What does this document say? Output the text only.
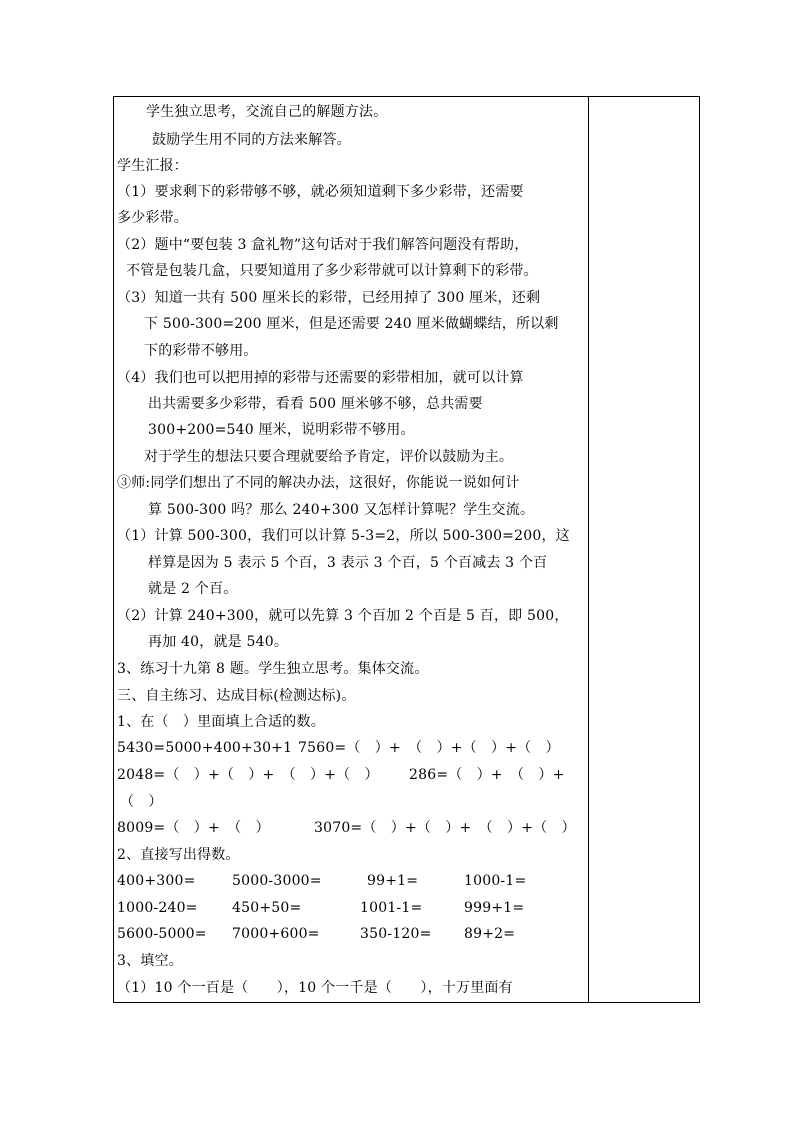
学生独立思考，交流自己的解题方法。
鼓励学生用不同的方法来解答。
学生汇报：
（1）要求剩下的彩带够不够，就必须知道剩下多少彩带，还需要
多少彩带。
（2）题中“要包装 3 盒礼物”这句话对于我们解答问题没有帮助，
不管是包装几盒，只要知道用了多少彩带就可以计算剩下的彩带。
（3）知道一共有 500 厘米长的彩带，已经用掉了 300 厘米，还剩
下 500-300=200 厘米，但是还需要 240 厘米做蝴蝶结，所以剩
下的彩带不够用。
（4）我们也可以把用掉的彩带与还需要的彩带相加，就可以计算
出共需要多少彩带，看看 500 厘米够不够，总共需要
300+200=540 厘米，说明彩带不够用。
对于学生的想法只要合理就要给予肯定，评价以鼓励为主。
③师:同学们想出了不同的解决办法，这很好，你能说一说如何计
算 500-300 吗？那么 240+300 又怎样计算呢？学生交流。
（1）计算 500-300，我们可以计算 5-3=2，所以 500-300=200，这
样算是因为 5 表示 5 个百，3 表示 3 个百，5 个百减去 3 个百
就是 2 个百。
（2）计算 240+300，就可以先算 3 个百加 2 个百是 5 百，即 500，
再加 40，就是 540。
3、练习十九第 8 题。学生独立思考。集体交流。
三、自主练习、达成目标(检测达标)。
1、在（　）里面填上合适的数。
5430=5000+400+30+1 7560=（　）+　（　）+（　）+（　）
2048=（　）+（　）+　（　）+（　） 286=（　）+　（　）+
（　）
8009=（　）+　（　）	3070=（　）+（　）+　（　）+（　）
2、直接写出得数。
400+300=	5000-3000=	99+1=	1000-1=
1000-240= 450+50=	1001-1=	999+1=
5600-5000= 7000+600=	350-120= 89+2=
3、填空。
（1）10 个一百是（　　），10 个一千是（　　），十万里面有
